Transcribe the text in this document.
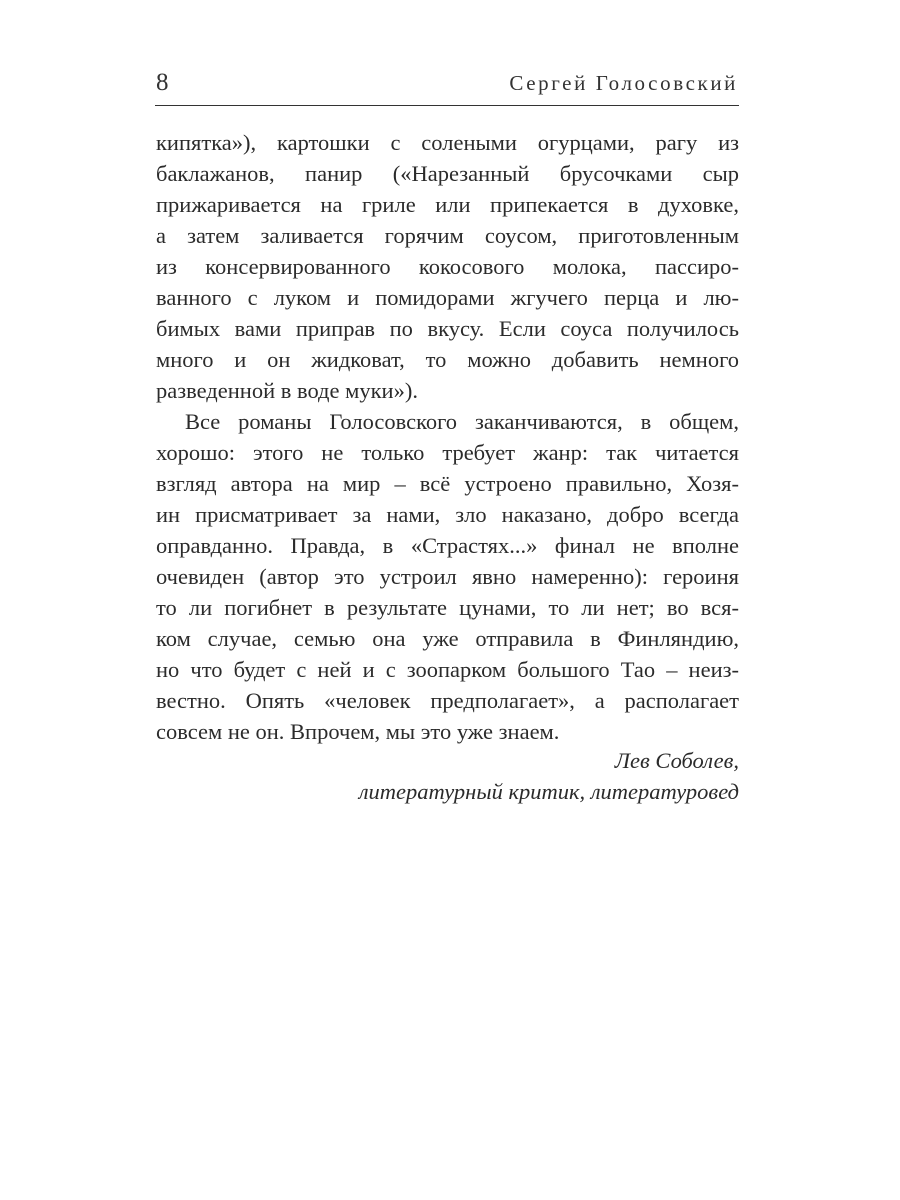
8	Сергей Голосовский
кипятка»), картошки с солеными огурцами, рагу из
баклажанов, панир («Нарезанный брусочками сыр
прижаривается на гриле или припекается в духовке,
а затем заливается горячим соусом, приготовленным
из консервированного кокосового молока, пассиро-
ванного с луком и помидорами жгучего перца и лю-
бимых вами приправ по вкусу. Если соуса получилось
много и он жидковат, то можно добавить немного
разведенной в воде муки»).
Все романы Голосовского заканчиваются, в общем,
хорошо: этого не только требует жанр: так читается
взгляд автора на мир – всё устроено правильно, Хозя-
ин присматривает за нами, зло наказано, добро всегда
оправданно. Правда, в «Страстях...» финал не вполне
очевиден (автор это устроил явно намеренно): героиня
то ли погибнет в результате цунами, то ли нет; во вся-
ком случае, семью она уже отправила в Финляндию,
но что будет с ней и с зоопарком большого Тао – неиз-
вестно. Опять «человек предполагает», а располагает
совсем не он. Впрочем, мы это уже знаем.
Лев Соболев,
литературный критик, литературовед
